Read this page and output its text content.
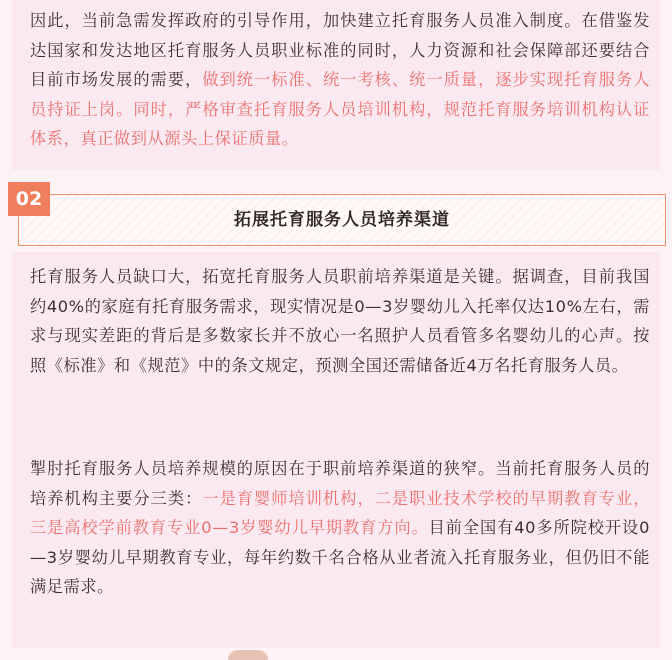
因此，当前急需发挥政府的引导作用，加快建立托育服务人员准入制度。在借鉴发达国家和发达地区托育服务人员职业标准的同时，人力资源和社会保障部还要结合目前市场发展的需要，做到统一标准、统一考核、统一质量，逐步实现托育服务人员持证上岗。同时，严格审查托育服务人员培训机构，规范托育服务培训机构认证体系，真正做到从源头上保证质量。

02
拓展托育服务人员培养渠道

托育服务人员缺口大，拓宽托育服务人员职前培养渠道是关键。据调查，目前我国约40%的家庭有托育服务需求，现实情况是0—3岁婴幼儿入托率仅达10%左右，需求与现实差距的背后是多数家长并不放心一名照护人员看管多名婴幼儿的心声。按照《标准》和《规范》中的条文规定，预测全国还需储备近4万名托育服务人员。

掣肘托育服务人员培养规模的原因在于职前培养渠道的狭窄。当前托育服务人员的培养机构主要分三类：一是育婴师培训机构，二是职业技术学校的早期教育专业，三是高校学前教育专业0—3岁婴幼儿早期教育方向。目前全国有40多所院校开设0—3岁婴幼儿早期教育专业，每年约数千名合格从业者流入托育服务业，但仍旧不能满足需求。
